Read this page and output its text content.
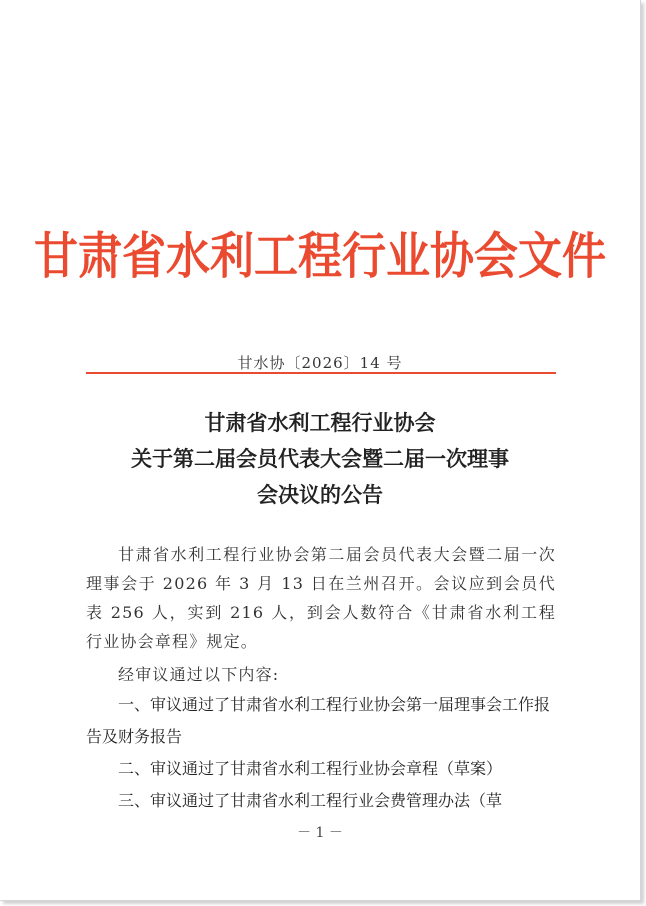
甘肃省水利工程行业协会文件
甘水协〔2026〕14 号
甘肃省水利工程行业协会
关于第二届会员代表大会暨二届一次理事
会决议的公告

甘肃省水利工程行业协会第二届会员代表大会暨二届一次理事会于 2026 年 3 月 13 日在兰州召开。会议应到会员代表 256 人，实到 216 人，到会人数符合《甘肃省水利工程行业协会章程》规定。

经审议通过以下内容:

一、审议通过了甘肃省水利工程行业协会第一届理事会工作报告及财务报告

二、审议通过了甘肃省水利工程行业协会章程（草案）

三、审议通过了甘肃省水利工程行业会费管理办法（草

－ 1 －
